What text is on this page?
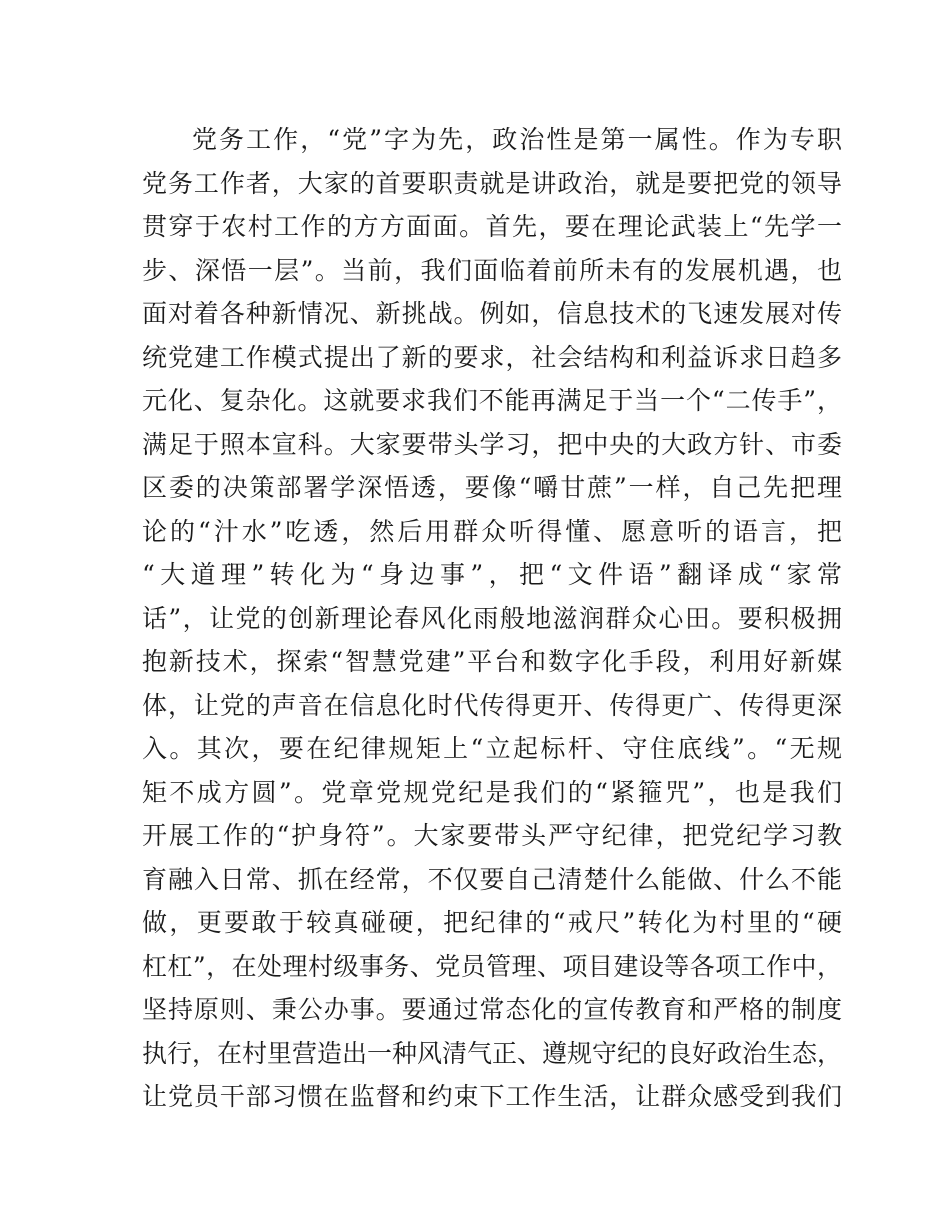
党务工作，“党”字为先，政治性是第一属性。作为专职
党务工作者，大家的首要职责就是讲政治，就是要把党的领导
贯穿于农村工作的方方面面。首先，要在理论武装上“先学一
步、深悟一层”。当前，我们面临着前所未有的发展机遇，也
面对着各种新情况、新挑战。例如，信息技术的飞速发展对传
统党建工作模式提出了新的要求，社会结构和利益诉求日趋多
元化、复杂化。这就要求我们不能再满足于当一个“二传手”，
满足于照本宣科。大家要带头学习，把中央的大政方针、市委
区委的决策部署学深悟透，要像“嚼甘蔗”一样，自己先把理
论的“汁水”吃透，然后用群众听得懂、愿意听的语言，把
“大道理”转化为“身边事”，把“文件语”翻译成“家常
话”，让党的创新理论春风化雨般地滋润群众心田。要积极拥
抱新技术，探索“智慧党建”平台和数字化手段，利用好新媒
体，让党的声音在信息化时代传得更开、传得更广、传得更深
入。其次，要在纪律规矩上“立起标杆、守住底线”。“无规
矩不成方圆”。党章党规党纪是我们的“紧箍咒”，也是我们
开展工作的“护身符”。大家要带头严守纪律，把党纪学习教
育融入日常、抓在经常，不仅要自己清楚什么能做、什么不能
做，更要敢于较真碰硬，把纪律的“戒尺”转化为村里的“硬
杠杠”，在处理村级事务、党员管理、项目建设等各项工作中，
坚持原则、秉公办事。要通过常态化的宣传教育和严格的制度
执行，在村里营造出一种风清气正、遵规守纪的良好政治生态，
让党员干部习惯在监督和约束下工作生活，让群众感受到我们
